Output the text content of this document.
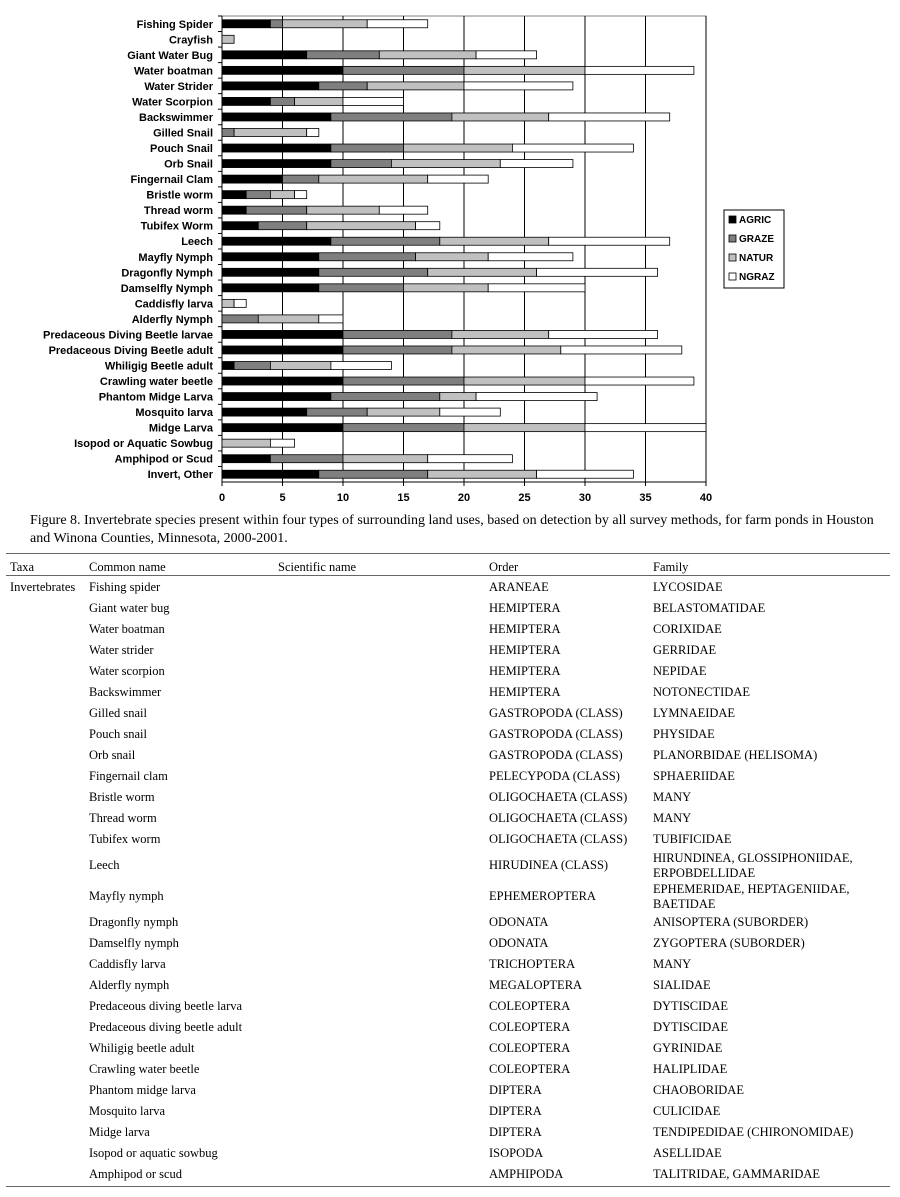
Fishing Spider
Crayfish
Giant Water Bug
Water boatman
Water Strider
Water Scorpion
Backswimmer
Gilled Snail
Pouch Snail
Orb Snail
Fingernail Clam
Bristle worm
Thread worm
Tubifex Worm
Leech
Mayfly Nymph
Dragonfly Nymph
Damselfly Nymph
Caddisfly larva
Alderfly Nymph
Predaceous Diving Beetle larvae
Predaceous Diving Beetle adult
Whiligig Beetle adult
Crawling water beetle
Phantom Midge Larva
Mosquito larva
Midge Larva
Isopod or Aquatic Sowbug
Amphipod or Scud
Invert, Other
0	5	10	15	20	25	30	35	40
AGRIC
GRAZE
NATUR
NGRAZ
Figure 8. Invertebrate species present within four types of surrounding land uses, based on detection by all survey methods, for farm ponds in Houston and Winona Counties, Minnesota, 2000-2001.
Taxa	Common name	Scientific name	Order	Family
Invertebrates	Fishing spider		ARANEAE	LYCOSIDAE
	Giant water bug		HEMIPTERA	BELASTOMATIDAE
	Water boatman		HEMIPTERA	CORIXIDAE
	Water strider		HEMIPTERA	GERRIDAE
	Water scorpion		HEMIPTERA	NEPIDAE
	Backswimmer		HEMIPTERA	NOTONECTIDAE
	Gilled snail		GASTROPODA (CLASS)	LYMNAEIDAE
	Pouch snail		GASTROPODA (CLASS)	PHYSIDAE
	Orb snail		GASTROPODA (CLASS)	PLANORBIDAE (HELISOMA)
	Fingernail clam		PELECYPODA (CLASS)	SPHAERIIDAE
	Bristle worm		OLIGOCHAETA (CLASS)	MANY
	Thread worm		OLIGOCHAETA (CLASS)	MANY
	Tubifex worm		OLIGOCHAETA (CLASS)	TUBIFICIDAE
	Leech		HIRUDINEA (CLASS)	HIRUNDINEA, GLOSSIPHONIIDAE, ERPOBDELLIDAE
	Mayfly nymph		EPHEMEROPTERA	EPHEMERIDAE, HEPTAGENIIDAE, BAETIDAE
	Dragonfly nymph		ODONATA	ANISOPTERA (SUBORDER)
	Damselfly nymph		ODONATA	ZYGOPTERA (SUBORDER)
	Caddisfly larva		TRICHOPTERA	MANY
	Alderfly nymph		MEGALOPTERA	SIALIDAE
	Predaceous diving beetle larva		COLEOPTERA	DYTISCIDAE
	Predaceous diving beetle adult		COLEOPTERA	DYTISCIDAE
	Whiligig beetle adult		COLEOPTERA	GYRINIDAE
	Crawling water beetle		COLEOPTERA	HALIPLIDAE
	Phantom midge larva		DIPTERA	CHAOBORIDAE
	Mosquito larva		DIPTERA	CULICIDAE
	Midge larva		DIPTERA	TENDIPEDIDAE (CHIRONOMIDAE)
	Isopod or aquatic sowbug		ISOPODA	ASELLIDAE
	Amphipod or scud		AMPHIPODA	TALITRIDAE, GAMMARIDAE
